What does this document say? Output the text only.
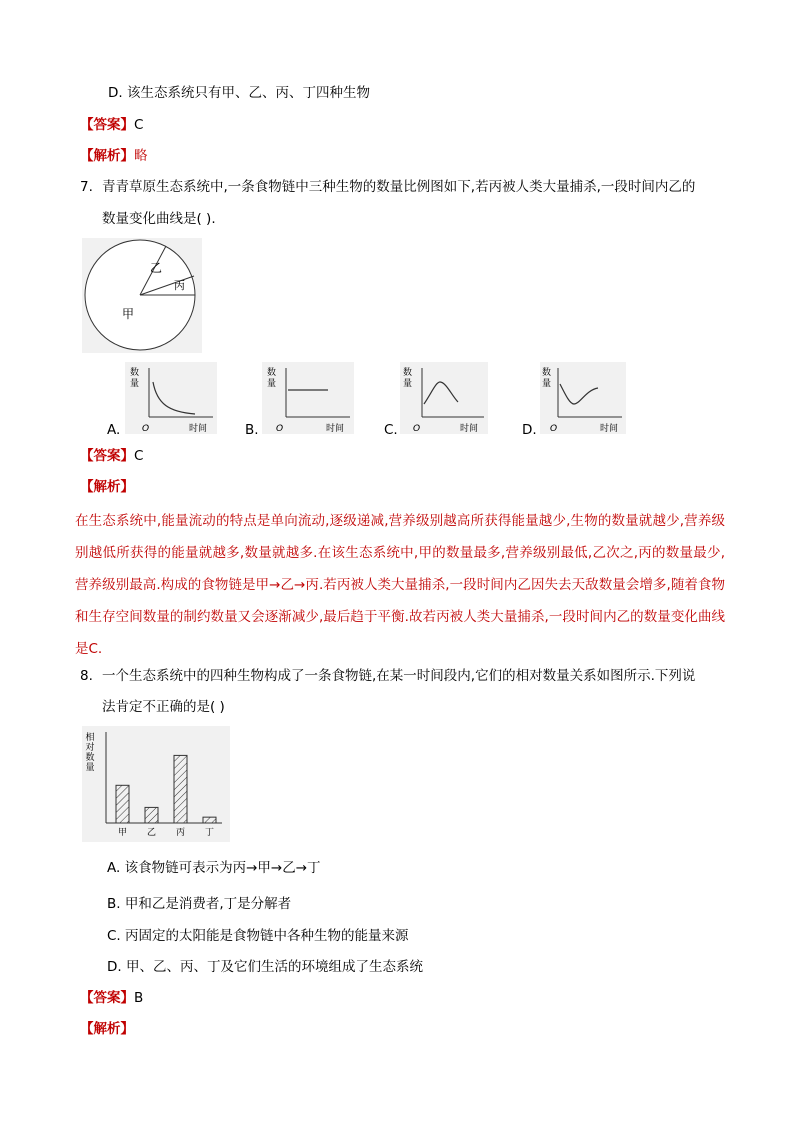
D. 该生态系统只有甲、乙、丙、丁四种生物
【答案】C
【解析】略
7. 青青草原生态系统中,一条食物链中三种生物的数量比例图如下,若丙被人类大量捕杀,一段时间内乙的
数量变化曲线是( ).
乙
丙
甲
A.
数
量
O	时间	B.
数
量
O	时间	C.
数
量
O	时间	D.
数
量
O	时间
【答案】C
【解析】
在生态系统中,能量流动的特点是单向流动,逐级递减,营养级别越高所获得能量越少,生物的数量就越少,营养级别越低所获得的能量就越多,数量就越多.在该生态系统中,甲的数量最多,营养级别最低,乙次之,丙的数量最少,营养级别最高.构成的食物链是甲→乙→丙.若丙被人类大量捕杀,一段时间内乙因失去天敌数量会增多,随着食物和生存空间数量的制约数量又会逐渐减少,最后趋于平衡.故若丙被人类大量捕杀,一段时间内乙的数量变化曲线是C.
8. 一个生态系统中的四种生物构成了一条食物链,在某一时间段内,它们的相对数量关系如图所示.下列说
法肯定不正确的是( )
相
对
数
量
甲 乙 丙 丁
A. 该食物链可表示为丙→甲→乙→丁
B. 甲和乙是消费者,丁是分解者
C. 丙固定的太阳能是食物链中各种生物的能量来源
D. 甲、乙、丙、丁及它们生活的环境组成了生态系统
【答案】B
【解析】
